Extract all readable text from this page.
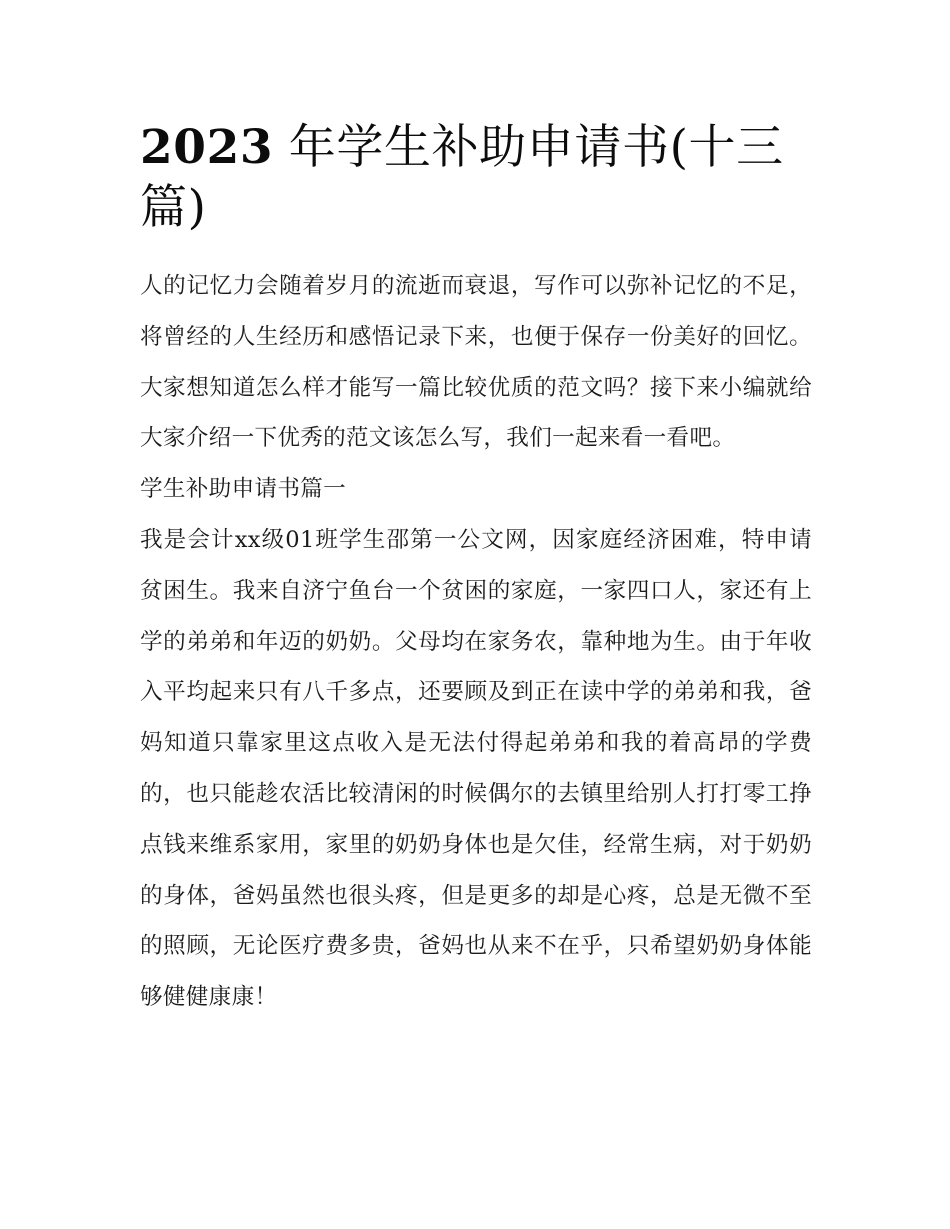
2023 年学生补助申请书(十三篇)

人的记忆力会随着岁月的流逝而衰退，写作可以弥补记忆的不足，将曾经的人生经历和感悟记录下来，也便于保存一份美好的回忆。大家想知道怎么样才能写一篇比较优质的范文吗？接下来小编就给大家介绍一下优秀的范文该怎么写，我们一起来看一看吧。

学生补助申请书篇一

我是会计xx级01班学生邵第一公文网，因家庭经济困难，特申请贫困生。我来自济宁鱼台一个贫困的家庭，一家四口人，家还有上学的弟弟和年迈的奶奶。父母均在家务农，靠种地为生。由于年收入平均起来只有八千多点，还要顾及到正在读中学的弟弟和我，爸妈知道只靠家里这点收入是无法付得起弟弟和我的着高昂的学费的，也只能趁农活比较清闲的时候偶尔的去镇里给别人打打零工挣点钱来维系家用，家里的奶奶身体也是欠佳，经常生病，对于奶奶的身体，爸妈虽然也很头疼，但是更多的却是心疼，总是无微不至的照顾，无论医疗费多贵，爸妈也从来不在乎，只希望奶奶身体能够健健康康！
